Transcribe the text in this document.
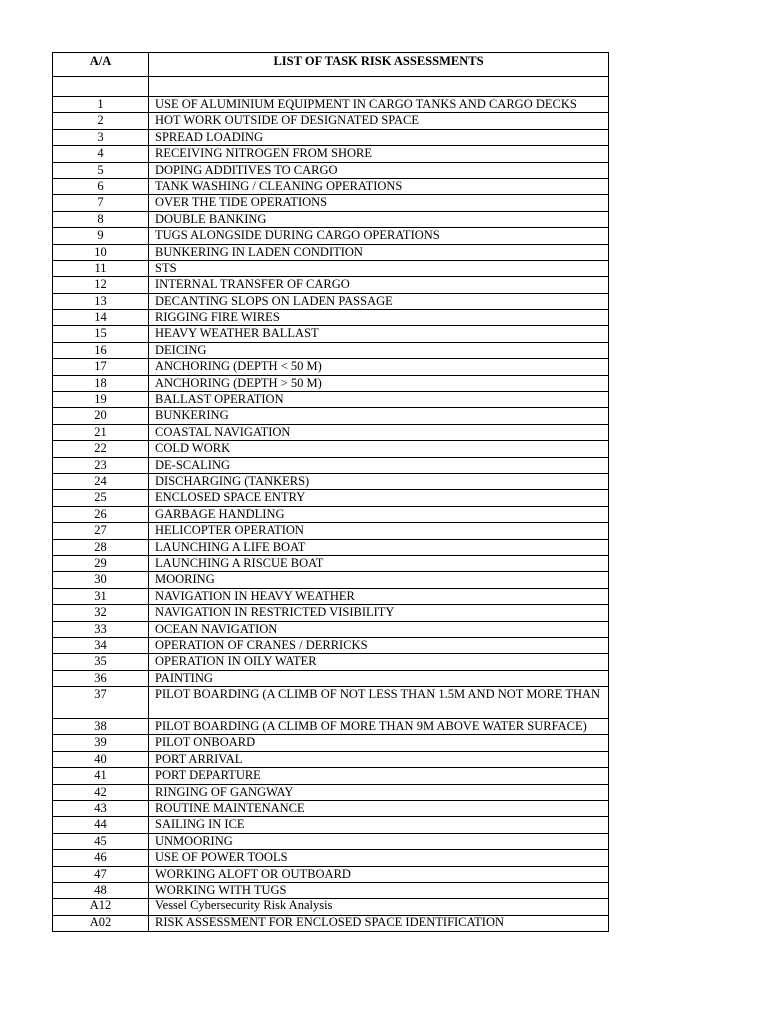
A/A	LIST OF TASK RISK ASSESSMENTS

1	USE OF ALUMINIUM EQUIPMENT IN CARGO TANKS AND CARGO DECKS
2	HOT WORK OUTSIDE OF DESIGNATED SPACE
3	SPREAD LOADING
4	RECEIVING NITROGEN FROM SHORE
5	DOPING ADDITIVES TO CARGO
6	TANK WASHING / CLEANING OPERATIONS
7	OVER THE TIDE OPERATIONS
8	DOUBLE BANKING
9	TUGS ALONGSIDE DURING CARGO OPERATIONS
10	BUNKERING IN LADEN CONDITION
11	STS
12	INTERNAL TRANSFER OF CARGO
13	DECANTING SLOPS ON LADEN PASSAGE
14	RIGGING FIRE WIRES
15	HEAVY WEATHER BALLAST
16	DEICING
17	ANCHORING (DEPTH < 50 M)
18	ANCHORING (DEPTH > 50 M)
19	BALLAST OPERATION
20	BUNKERING
21	COASTAL NAVIGATION
22	COLD WORK
23	DE-SCALING
24	DISCHARGING (TANKERS)
25	ENCLOSED SPACE ENTRY
26	GARBAGE HANDLING
27	HELICOPTER OPERATION
28	LAUNCHING A LIFE BOAT
29	LAUNCHING A RISCUE BOAT
30	MOORING
31	NAVIGATION IN HEAVY WEATHER
32	NAVIGATION IN RESTRICTED VISIBILITY
33	OCEAN NAVIGATION
34	OPERATION OF CRANES / DERRICKS
35	OPERATION IN OILY WATER
36	PAINTING
37	PILOT BOARDING (A CLIMB OF NOT LESS THAN 1.5M AND NOT MORE THAN
38	PILOT BOARDING (A CLIMB OF MORE THAN 9M ABOVE WATER SURFACE)
39	PILOT ONBOARD
40	PORT ARRIVAL
41	PORT DEPARTURE
42	RINGING OF GANGWAY
43	ROUTINE MAINTENANCE
44	SAILING IN ICE
45	UNMOORING
46	USE OF POWER TOOLS
47	WORKING ALOFT OR OUTBOARD
48	WORKING WITH TUGS
A12	Vessel Cybersecurity Risk Analysis
A02	RISK ASSESSMENT FOR ENCLOSED SPACE IDENTIFICATION
